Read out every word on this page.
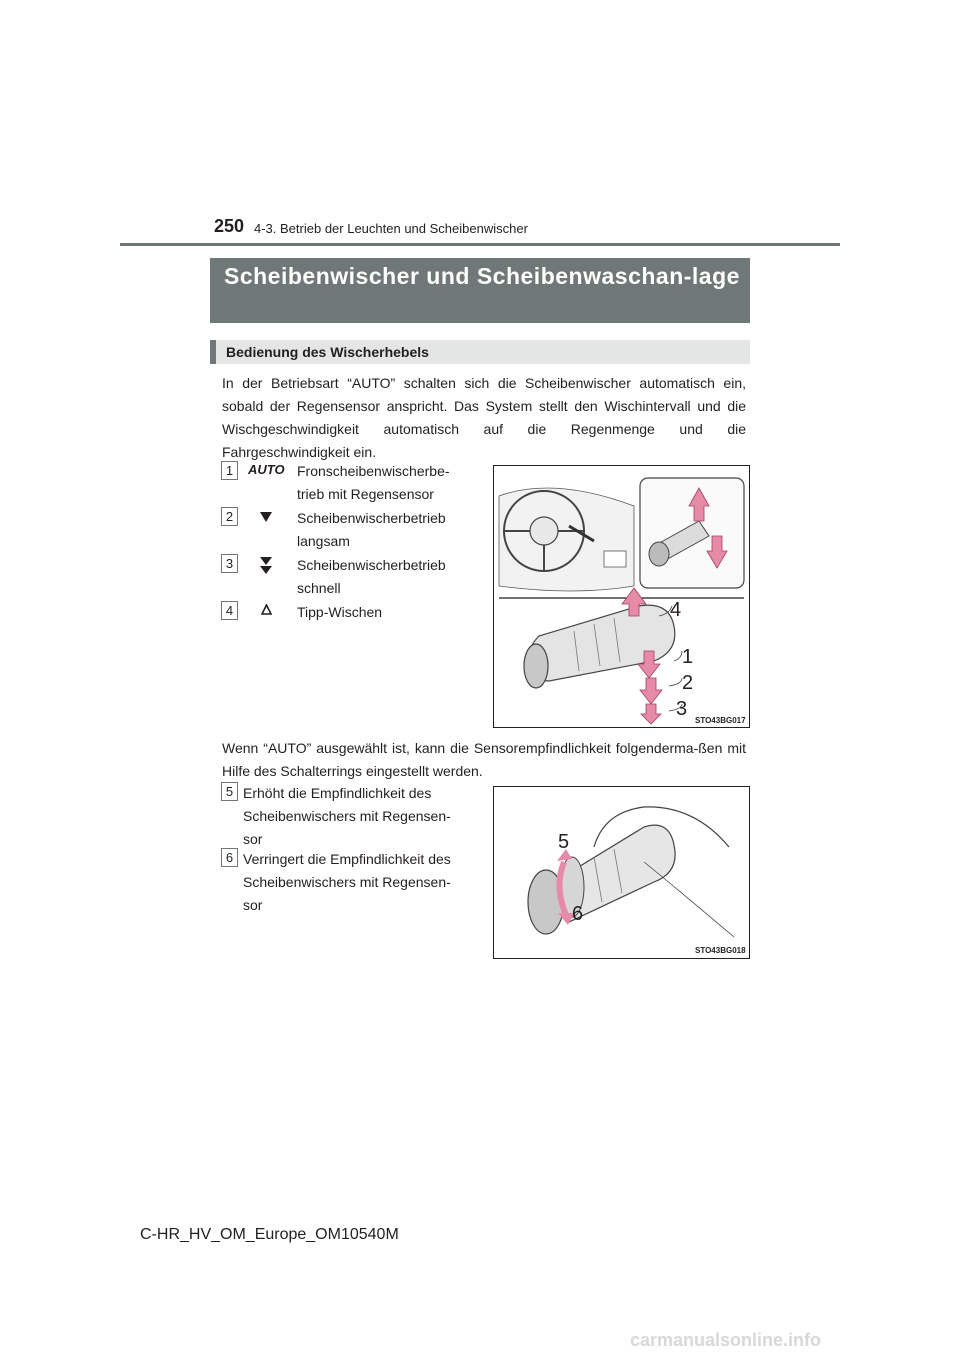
250 4-3. Betrieb der Leuchten und Scheibenwischer
Scheibenwischer und Scheibenwaschan-lage
Bedienung des Wischerhebels
In der Betriebsart “AUTO” schalten sich die Scheibenwischer automatisch ein, sobald der Regensensor anspricht. Das System stellt den Wischintervall und die Wischgeschwindigkeit automatisch auf die Regenmenge und die Fahrgeschwindigkeit ein.
1	AUTO Fronscheibenwischerbe-
trieb mit Regensensor
2	Scheibenwischerbetrieb
langsam
3	Scheibenwischerbetrieb
schnell
4	Tipp-Wischen	4
1
2
3
STO43BG017
Wenn “AUTO” ausgewählt ist, kann die Sensorempfindlichkeit folgenderma-ßen mit Hilfe des Schalterrings eingestellt werden.
5 Erhöht die Empfindlichkeit des
Scheibenwischers mit Regensen-
sor
6 Verringert die Empfindlichkeit des
Scheibenwischers mit Regensen-
sor
5
6
STO43BG018
C-HR_HV_OM_Europe_OM10540M
carmanualsonline.info
